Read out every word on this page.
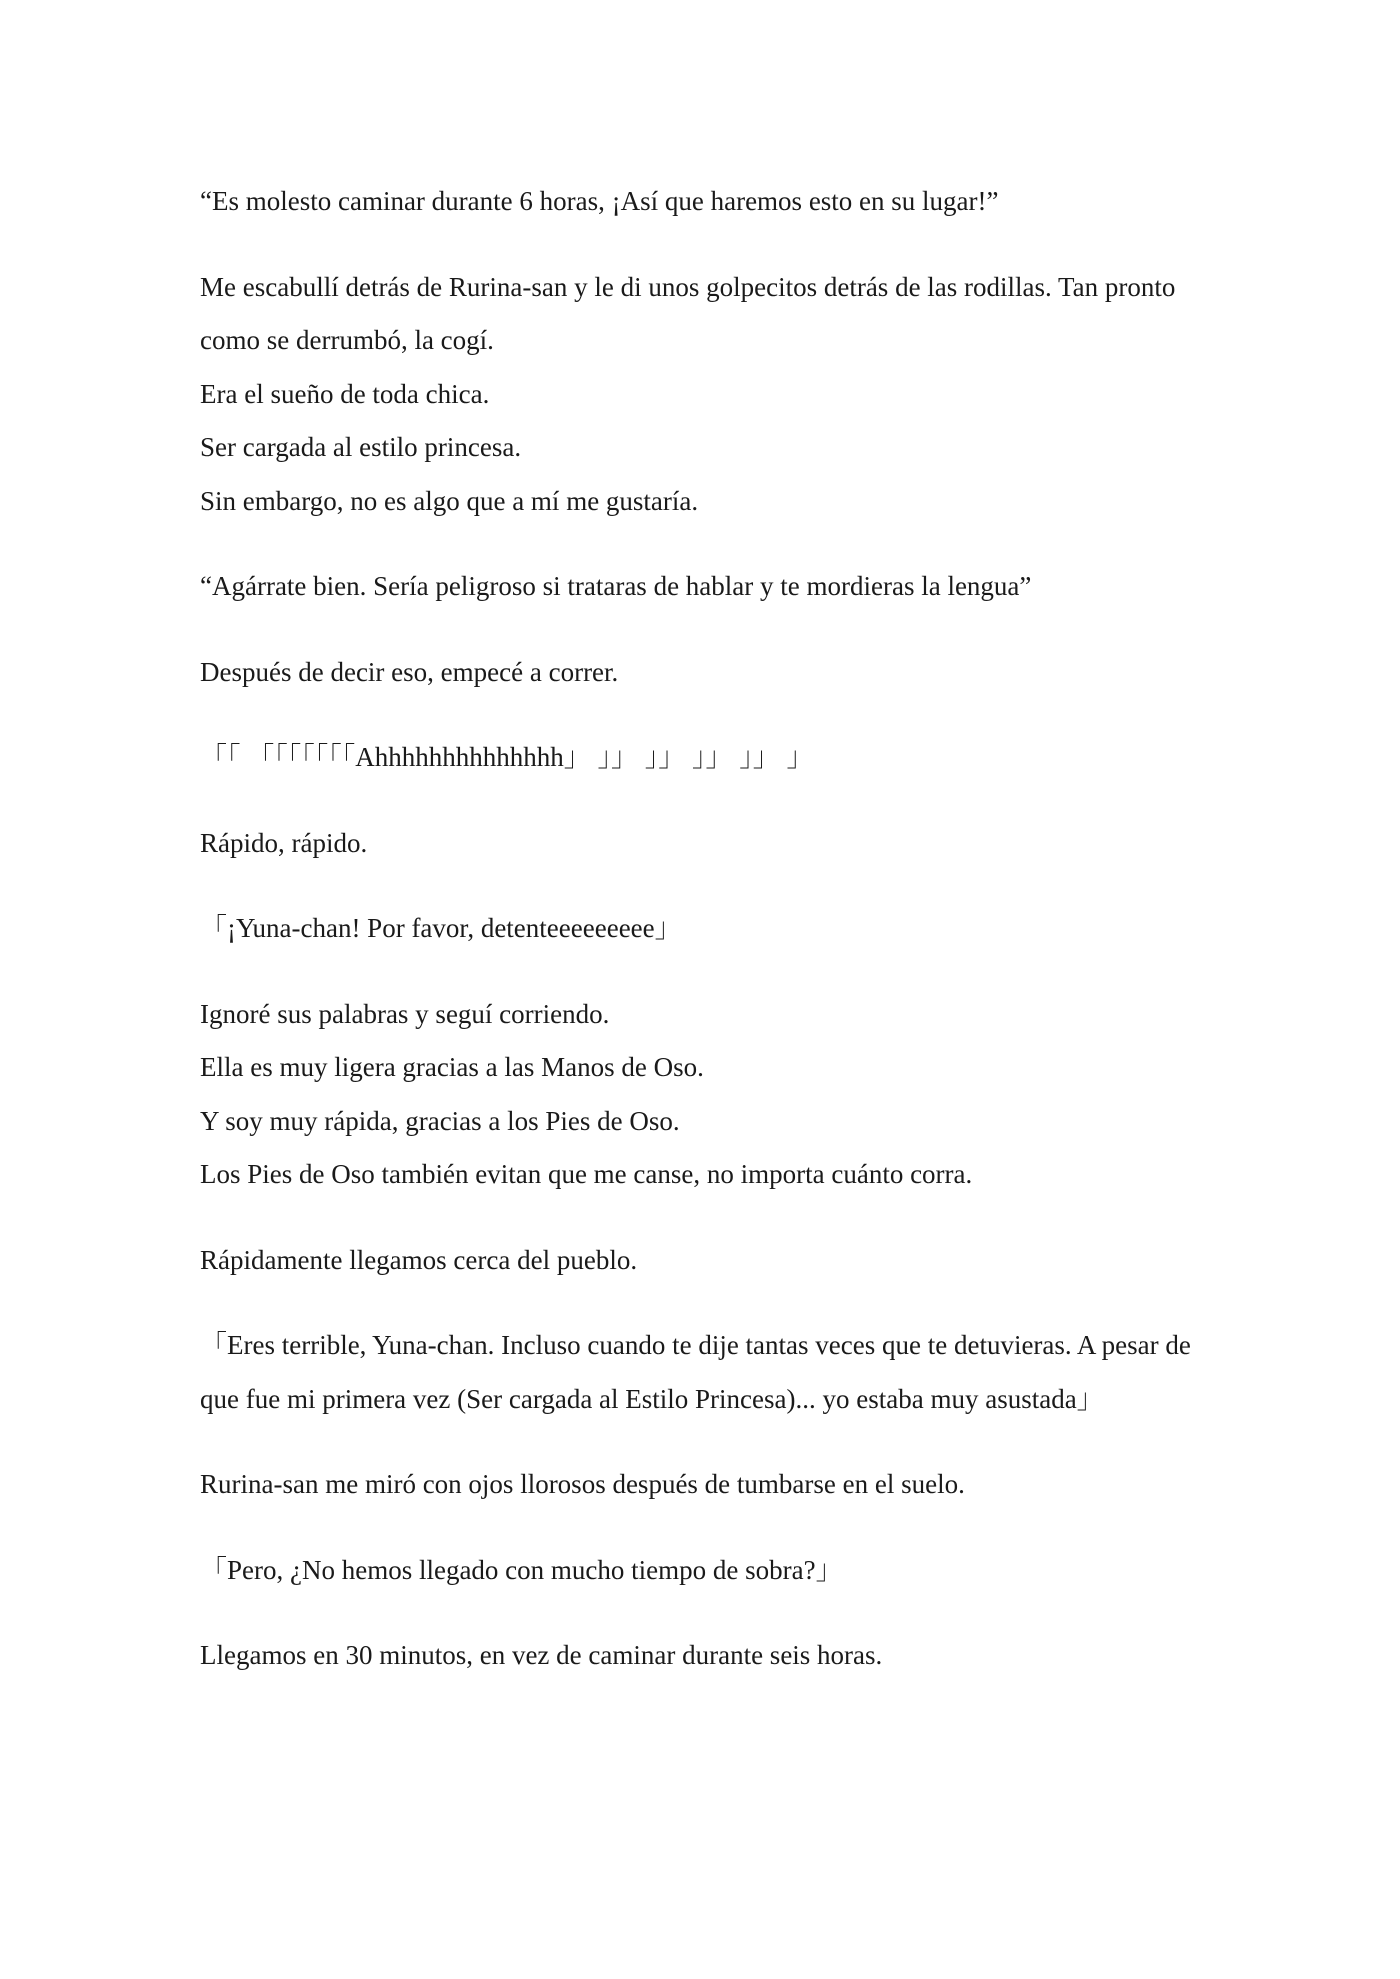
“Es molesto caminar durante 6 horas, ¡Así que haremos esto en su lugar!”
Me escabullí detrás de Rurina-san y le di unos golpecitos detrás de las rodillas. Tan pronto como se derrumbó, la cogí.
Era el sueño de toda chica.
Ser cargada al estilo princesa.
Sin embargo, no es algo que a mí me gustaría.
“Agárrate bien. Sería peligroso si trataras de hablar y te mordieras la lengua”
Después de decir eso, empecé a correr.
「「 「「「「「「「Ahhhhhhhhhhhhhh」 」」 」」 」」 」」 」
Rápido, rápido.
「¡Yuna-chan! Por favor, detenteeeeeeeee」
Ignoré sus palabras y seguí corriendo.
Ella es muy ligera gracias a las Manos de Oso.
Y soy muy rápida, gracias a los Pies de Oso.
Los Pies de Oso también evitan que me canse, no importa cuánto corra.
Rápidamente llegamos cerca del pueblo.
「Eres terrible, Yuna-chan. Incluso cuando te dije tantas veces que te detuvieras. A pesar de que fue mi primera vez (Ser cargada al Estilo Princesa)... yo estaba muy asustada」
Rurina-san me miró con ojos llorosos después de tumbarse en el suelo.
「Pero, ¿No hemos llegado con mucho tiempo de sobra?」
Llegamos en 30 minutos, en vez de caminar durante seis horas.
